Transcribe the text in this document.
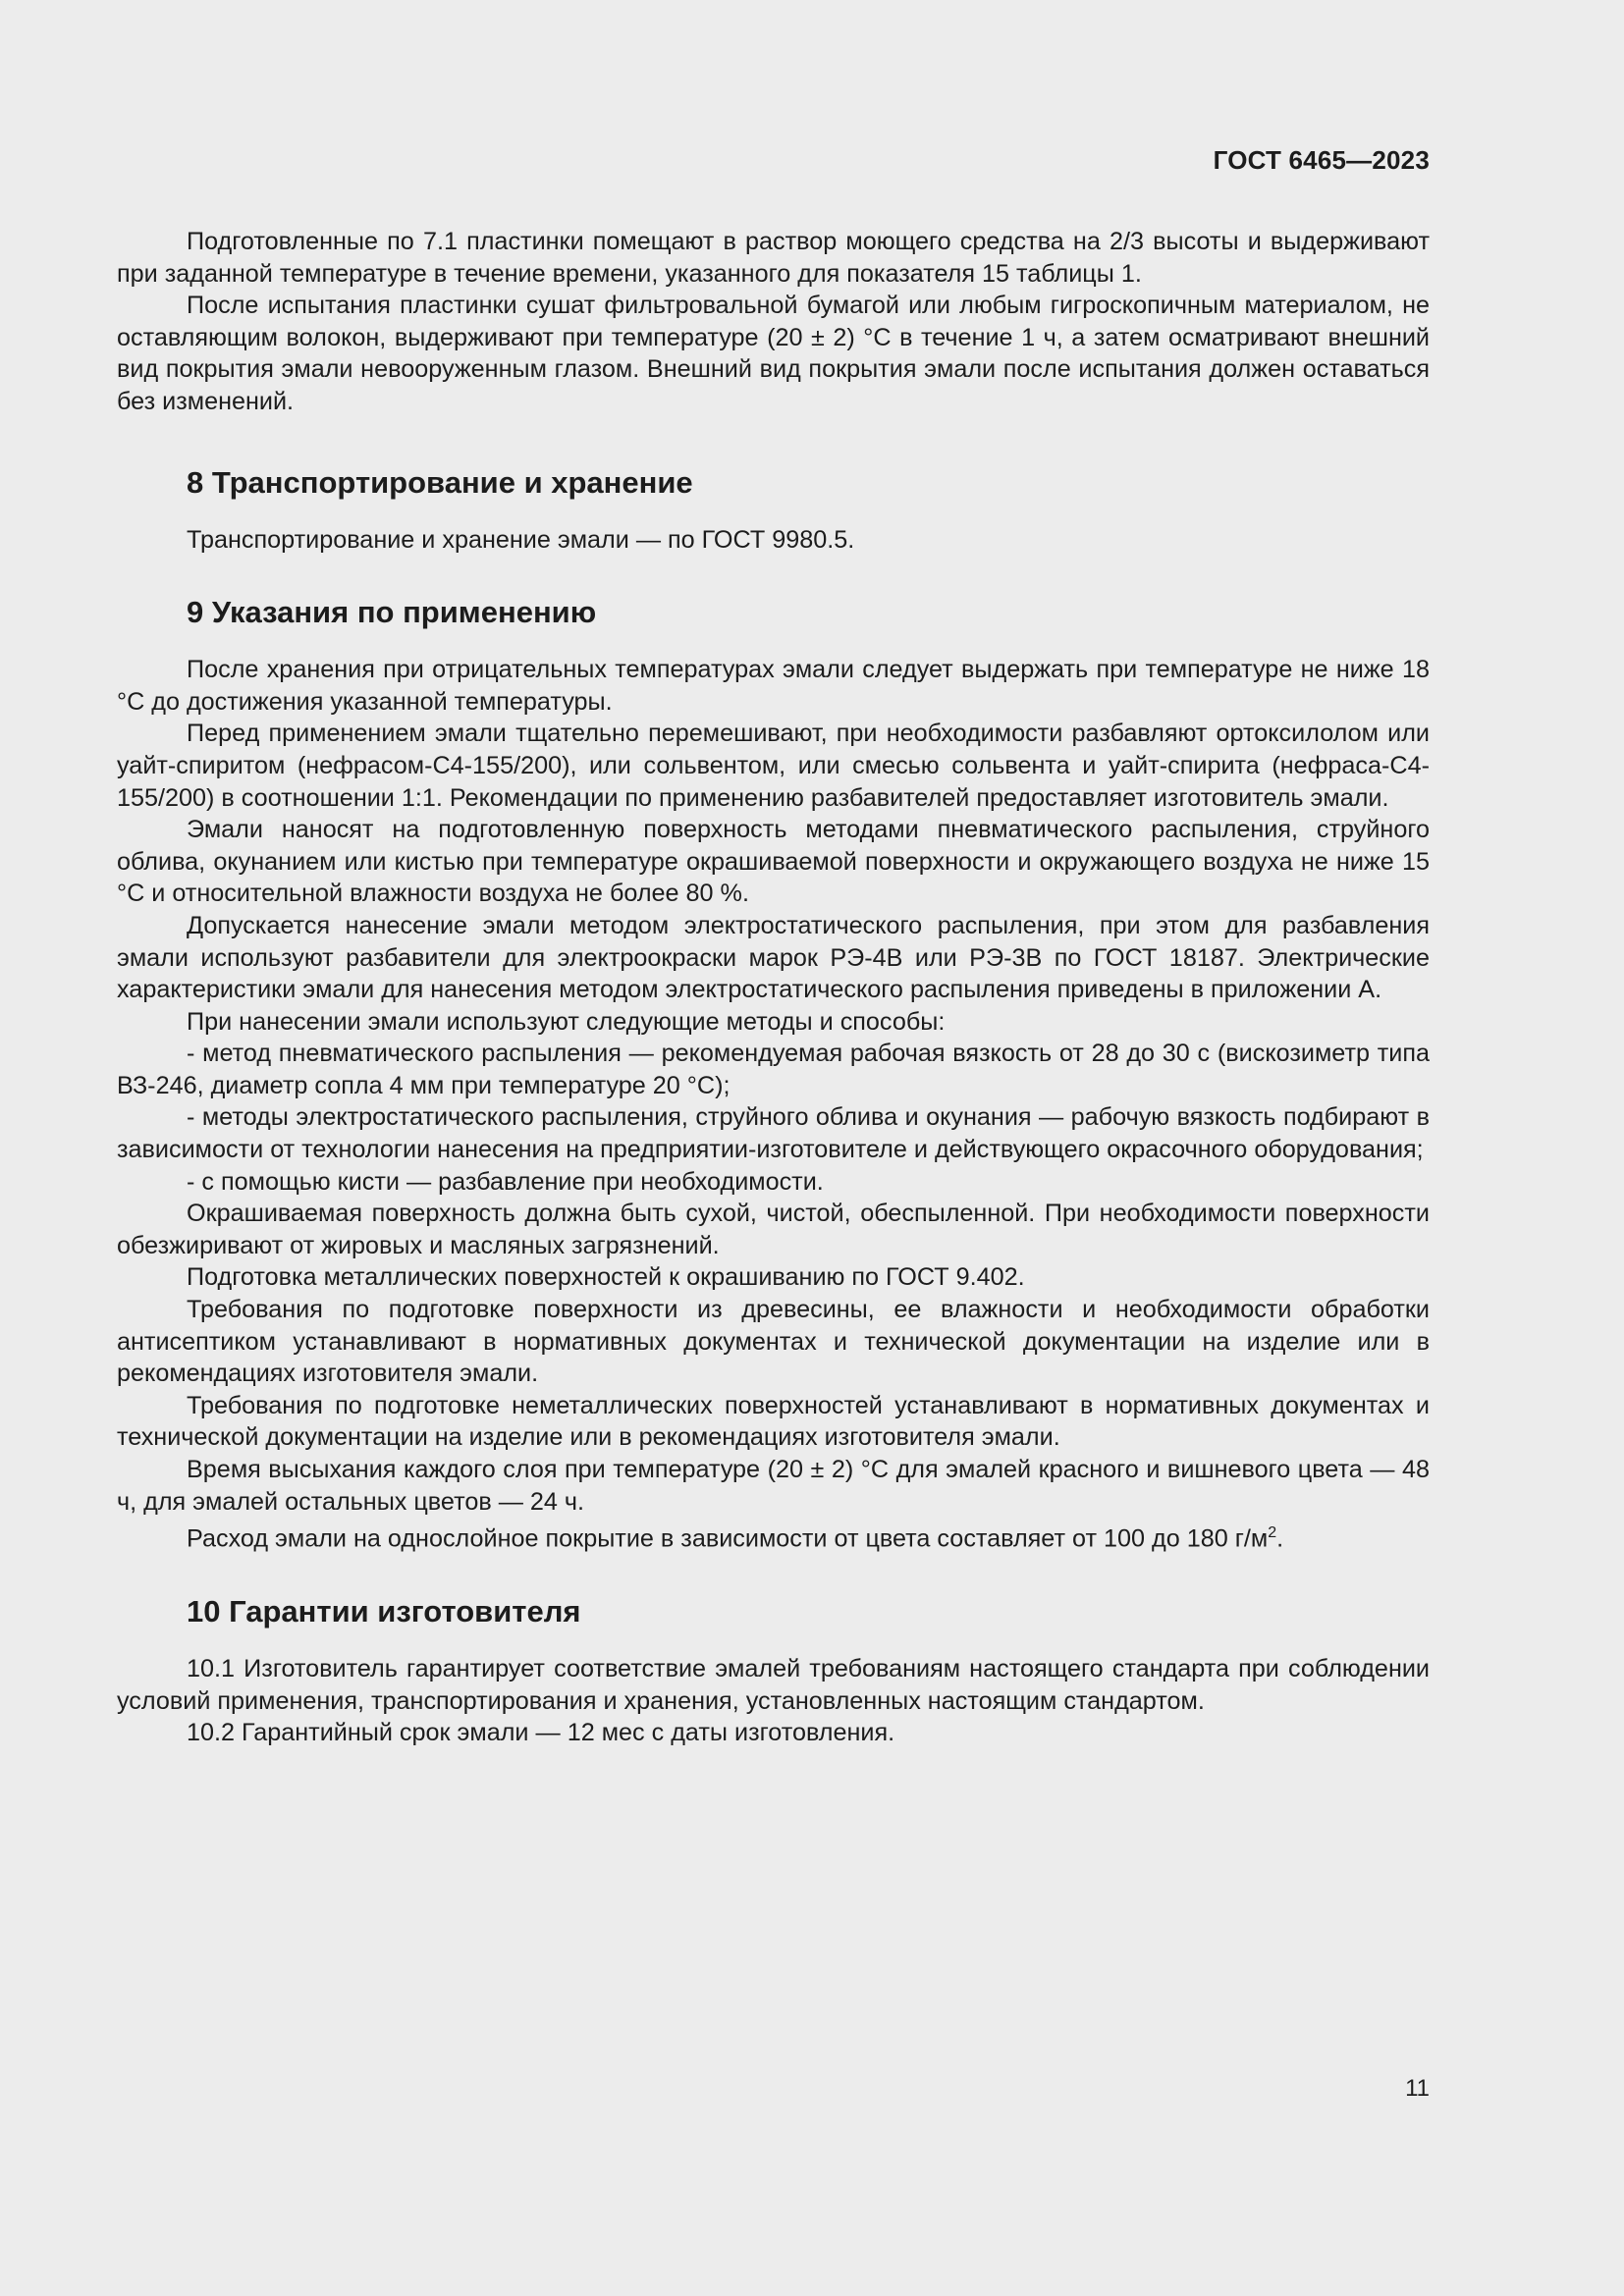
ГОСТ 6465—2023

Подготовленные по 7.1 пластинки помещают в раствор моющего средства на 2/3 высоты и выдерживают при заданной температуре в течение времени, указанного для показателя 15 таблицы 1.

После испытания пластинки сушат фильтровальной бумагой или любым гигроскопичным материалом, не оставляющим волокон, выдерживают при температуре (20 ± 2) °С в течение 1 ч, а затем осматривают внешний вид покрытия эмали невооруженным глазом. Внешний вид покрытия эмали после испытания должен оставаться без изменений.

8 Транспортирование и хранение

Транспортирование и хранение эмали — по ГОСТ 9980.5.

9 Указания по применению

После хранения при отрицательных температурах эмали следует выдержать при температуре не ниже 18 °С до достижения указанной температуры.

Перед применением эмали тщательно перемешивают, при необходимости разбавляют ортоксилолом или уайт-спиритом (нефрасом-С4-155/200), или сольвентом, или смесью сольвента и уайт-спирита (нефраса-С4-155/200) в соотношении 1:1. Рекомендации по применению разбавителей предоставляет изготовитель эмали.

Эмали наносят на подготовленную поверхность методами пневматического распыления, струйного облива, окунанием или кистью при температуре окрашиваемой поверхности и окружающего воздуха не ниже 15 °С и относительной влажности воздуха не более 80 %.

Допускается нанесение эмали методом электростатического распыления, при этом для разбавления эмали используют разбавители для электроокраски марок РЭ-4В или РЭ-3В по ГОСТ 18187. Электрические характеристики эмали для нанесения методом электростатического распыления приведены в приложении А.

При нанесении эмали используют следующие методы и способы:

- метод пневматического распыления — рекомендуемая рабочая вязкость от 28 до 30 с (вискозиметр типа ВЗ-246, диаметр сопла 4 мм при температуре 20 °С);

- методы электростатического распыления, струйного облива и окунания — рабочую вязкость подбирают в зависимости от технологии нанесения на предприятии-изготовителе и действующего окрасочного оборудования;

- с помощью кисти — разбавление при необходимости.

Окрашиваемая поверхность должна быть сухой, чистой, обеспыленной. При необходимости поверхности обезжиривают от жировых и масляных загрязнений.

Подготовка металлических поверхностей к окрашиванию по ГОСТ 9.402.

Требования по подготовке поверхности из древесины, ее влажности и необходимости обработки антисептиком устанавливают в нормативных документах и технической документации на изделие или в рекомендациях изготовителя эмали.

Требования по подготовке неметаллических поверхностей устанавливают в нормативных документах и технической документации на изделие или в рекомендациях изготовителя эмали.

Время высыхания каждого слоя при температуре (20 ± 2) °С для эмалей красного и вишневого цвета — 48 ч, для эмалей остальных цветов — 24 ч.

Расход эмали на однослойное покрытие в зависимости от цвета составляет от 100 до 180 $г/м^2$.

10 Гарантии изготовителя

10.1 Изготовитель гарантирует соответствие эмалей требованиям настоящего стандарта при соблюдении условий применения, транспортирования и хранения, установленных настоящим стандартом.

10.2 Гарантийный срок эмали — 12 мес с даты изготовления.

11
